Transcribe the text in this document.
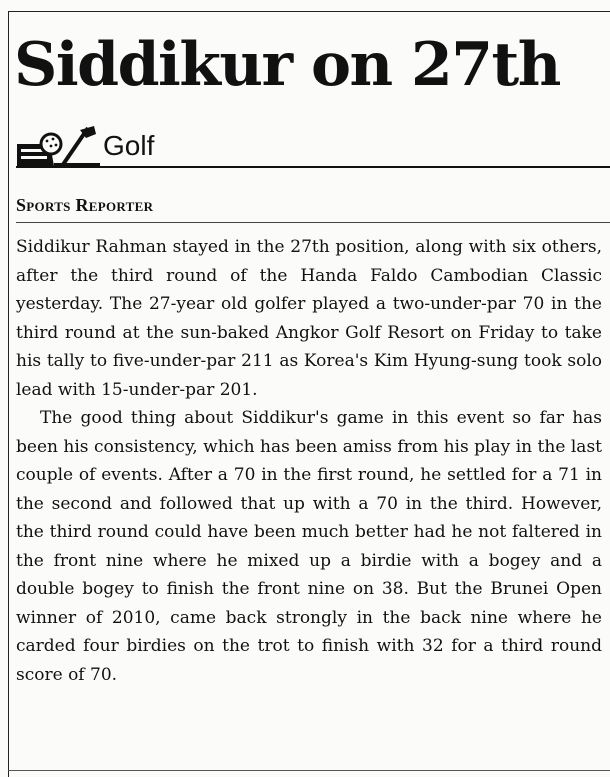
Siddikur on 27th
Golf

Sports Reporter

Siddikur Rahman stayed in the 27th position, along with six others, after the third round of the Handa Faldo Cambodian Classic yesterday. The 27-year old golfer played a two-under-par 70 in the third round at the sun-baked Angkor Golf Resort on Friday to take his tally to five-under-par 211 as Korea's Kim Hyung-sung took solo lead with 15-under-par 201.

The good thing about Siddikur's game in this event so far has been his consistency, which has been amiss from his play in the last couple of events. After a 70 in the first round, he settled for a 71 in the second and followed that up with a 70 in the third. However, the third round could have been much better had he not faltered in the front nine where he mixed up a birdie with a bogey and a double bogey to finish the front nine on 38. But the Brunei Open winner of 2010, came back strongly in the back nine where he carded four birdies on the trot to finish with 32 for a third round score of 70.
